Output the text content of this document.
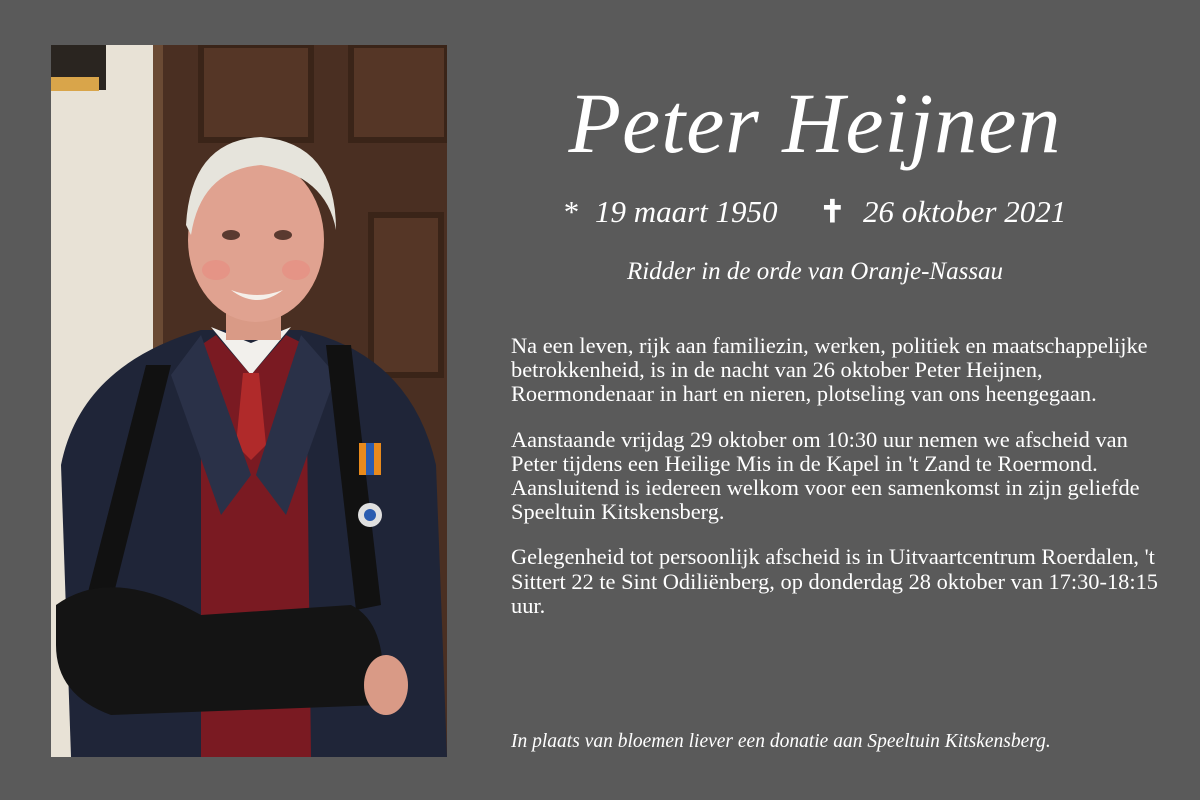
Peter Heijnen
* 19 maart 1950 ✝ 26 oktober 2021
Ridder in de orde van Oranje-Nassau

Na een leven, rijk aan familiezin, werken, politiek en maatschappelijke betrokkenheid, is in de nacht van 26 oktober Peter Heijnen, Roermondenaar in hart en nieren, plotseling van ons heengegaan.

Aanstaande vrijdag 29 oktober om 10:30 uur nemen we afscheid van Peter tijdens een Heilige Mis in de Kapel in 't Zand te Roermond. Aansluitend is iedereen welkom voor een samenkomst in zijn geliefde Speeltuin Kitskensberg.

Gelegenheid tot persoonlijk afscheid is in Uitvaartcentrum Roerdalen, 't Sittert 22 te Sint Odiliënberg, op donderdag 28 oktober van 17:30-18:15 uur.

In plaats van bloemen liever een donatie aan Speeltuin Kitskensberg.
